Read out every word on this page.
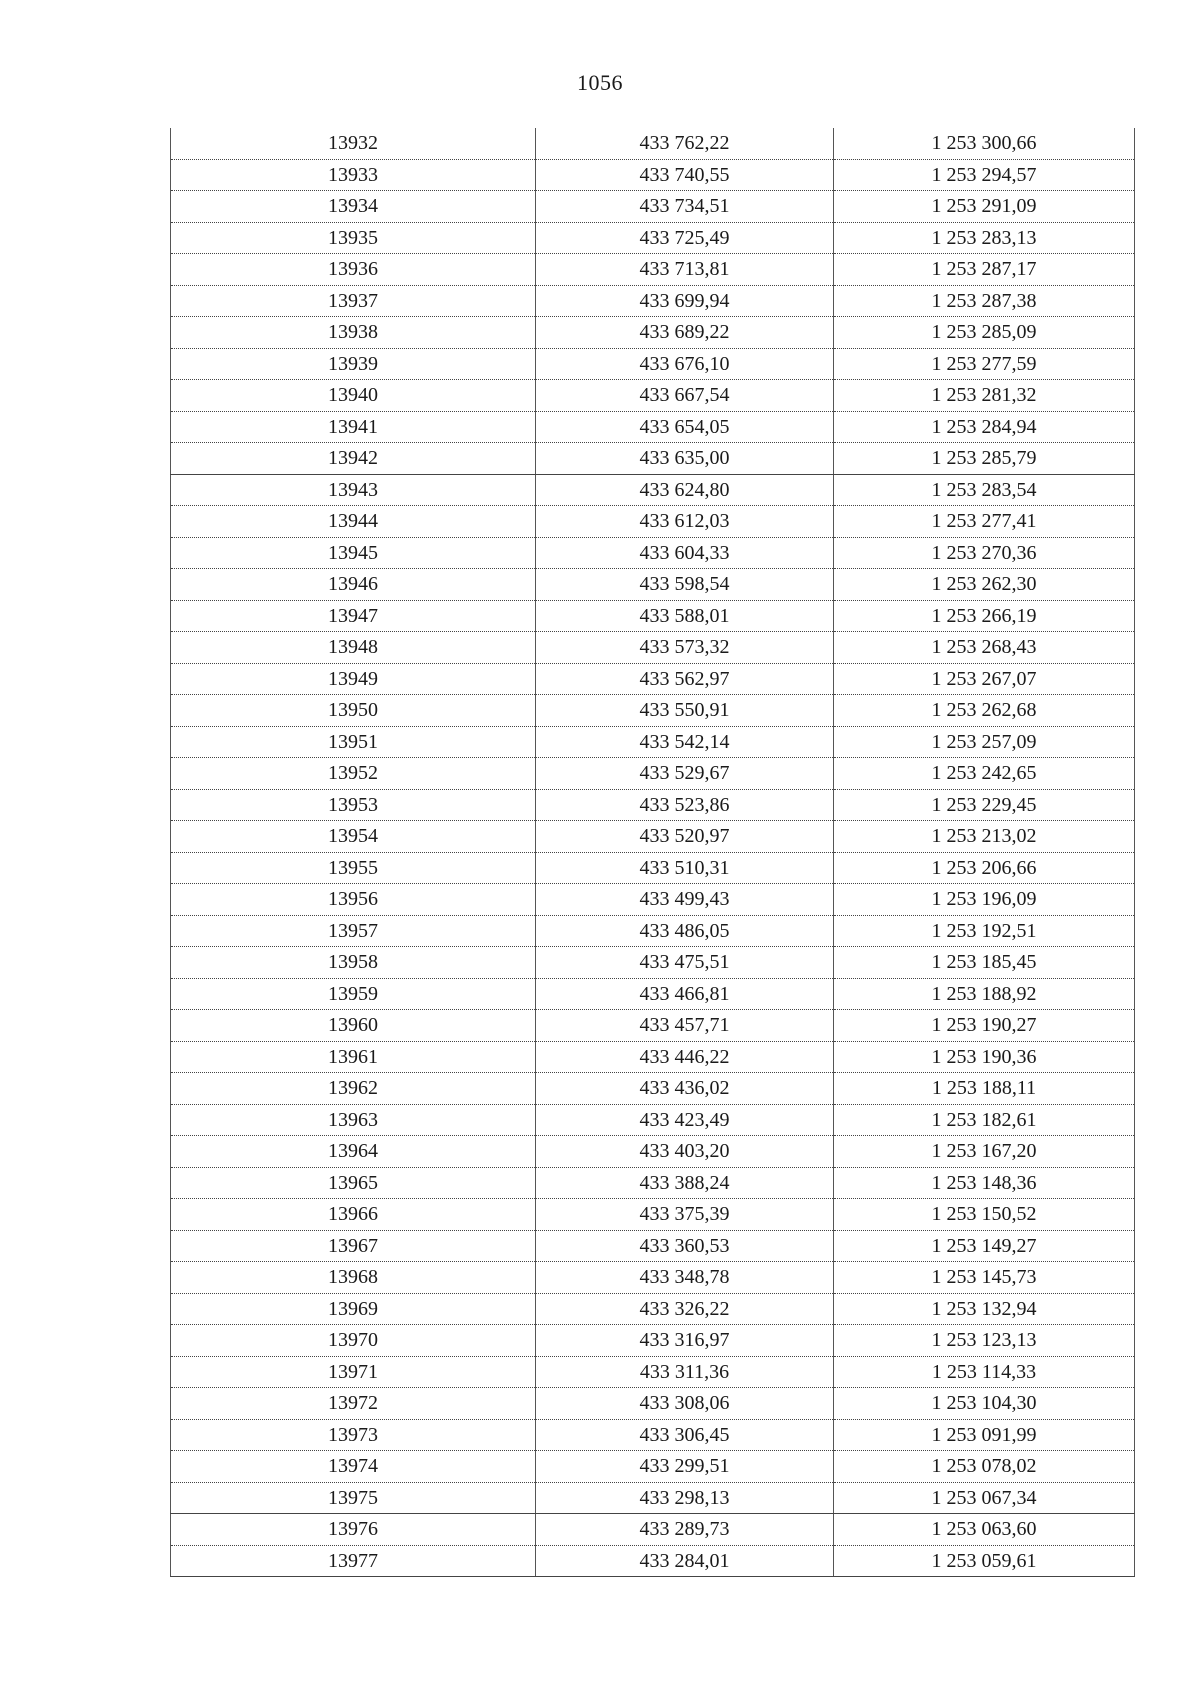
1056
13932	433 762,22	1 253 300,66
13933	433 740,55	1 253 294,57
13934	433 734,51	1 253 291,09
13935	433 725,49	1 253 283,13
13936	433 713,81	1 253 287,17
13937	433 699,94	1 253 287,38
13938	433 689,22	1 253 285,09
13939	433 676,10	1 253 277,59
13940	433 667,54	1 253 281,32
13941	433 654,05	1 253 284,94
13942	433 635,00	1 253 285,79
13943	433 624,80	1 253 283,54
13944	433 612,03	1 253 277,41
13945	433 604,33	1 253 270,36
13946	433 598,54	1 253 262,30
13947	433 588,01	1 253 266,19
13948	433 573,32	1 253 268,43
13949	433 562,97	1 253 267,07
13950	433 550,91	1 253 262,68
13951	433 542,14	1 253 257,09
13952	433 529,67	1 253 242,65
13953	433 523,86	1 253 229,45
13954	433 520,97	1 253 213,02
13955	433 510,31	1 253 206,66
13956	433 499,43	1 253 196,09
13957	433 486,05	1 253 192,51
13958	433 475,51	1 253 185,45
13959	433 466,81	1 253 188,92
13960	433 457,71	1 253 190,27
13961	433 446,22	1 253 190,36
13962	433 436,02	1 253 188,11
13963	433 423,49	1 253 182,61
13964	433 403,20	1 253 167,20
13965	433 388,24	1 253 148,36
13966	433 375,39	1 253 150,52
13967	433 360,53	1 253 149,27
13968	433 348,78	1 253 145,73
13969	433 326,22	1 253 132,94
13970	433 316,97	1 253 123,13
13971	433 311,36	1 253 114,33
13972	433 308,06	1 253 104,30
13973	433 306,45	1 253 091,99
13974	433 299,51	1 253 078,02
13975	433 298,13	1 253 067,34
13976	433 289,73	1 253 063,60
13977	433 284,01	1 253 059,61
